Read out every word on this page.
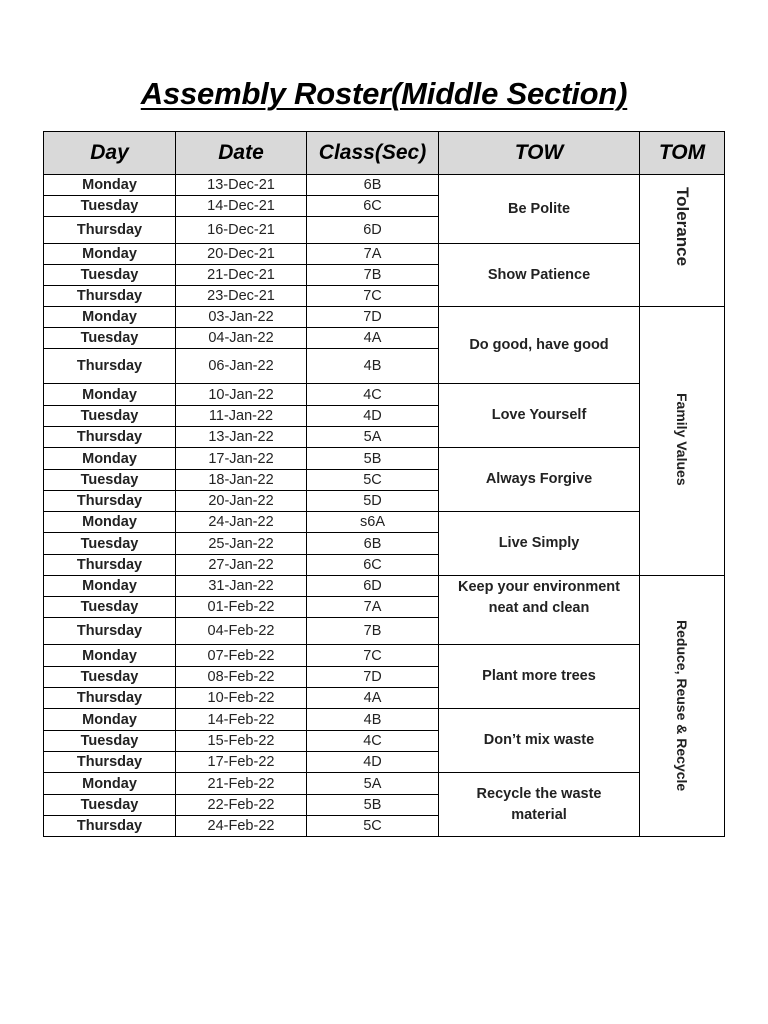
Assembly Roster(Middle Section)
Day	Date	Class(Sec)	TOW	TOM
Monday	13-Dec-21	6B	Be Polite	Tolerance
Tuesday	14-Dec-21	6C		
Thursday	16-Dec-21	6D		
Monday	20-Dec-21	7A	Show Patience	

Tuesday	21-Dec-21	7B		
Thursday	23-Dec-21	7C		
Monday	03-Jan-22	7D	Do good, have good	Family Values
Tuesday	04-Jan-22	4A		
Thursday	06-Jan-22	4B		
Monday	10-Jan-22	4C	Love Yourself	

Tuesday	11-Jan-22	4D		
Thursday	13-Jan-22	5A		
Monday	17-Jan-22	5B	Always Forgive	

Tuesday	18-Jan-22	5C		
Thursday	20-Jan-22	5D		
Monday	24-Jan-22	s6A	Live Simply	

Tuesday	25-Jan-22	6B		
Thursday	27-Jan-22	6C		
Monday	31-Jan-22	6D	Keep your environment neat and clean	Reduce, Reuse & Recycle
Tuesday	01-Feb-22	7A		
Thursday	04-Feb-22	7B		
Monday	07-Feb-22	7C	Plant more trees	

Tuesday	08-Feb-22	7D		
Thursday	10-Feb-22	4A		
Monday	14-Feb-22	4B	Don’t mix waste	

Tuesday	15-Feb-22	4C		
Thursday	17-Feb-22	4D		
Monday	21-Feb-22	5A	Recycle the waste material	

Tuesday	22-Feb-22	5B		
Thursday	24-Feb-22	5C		
